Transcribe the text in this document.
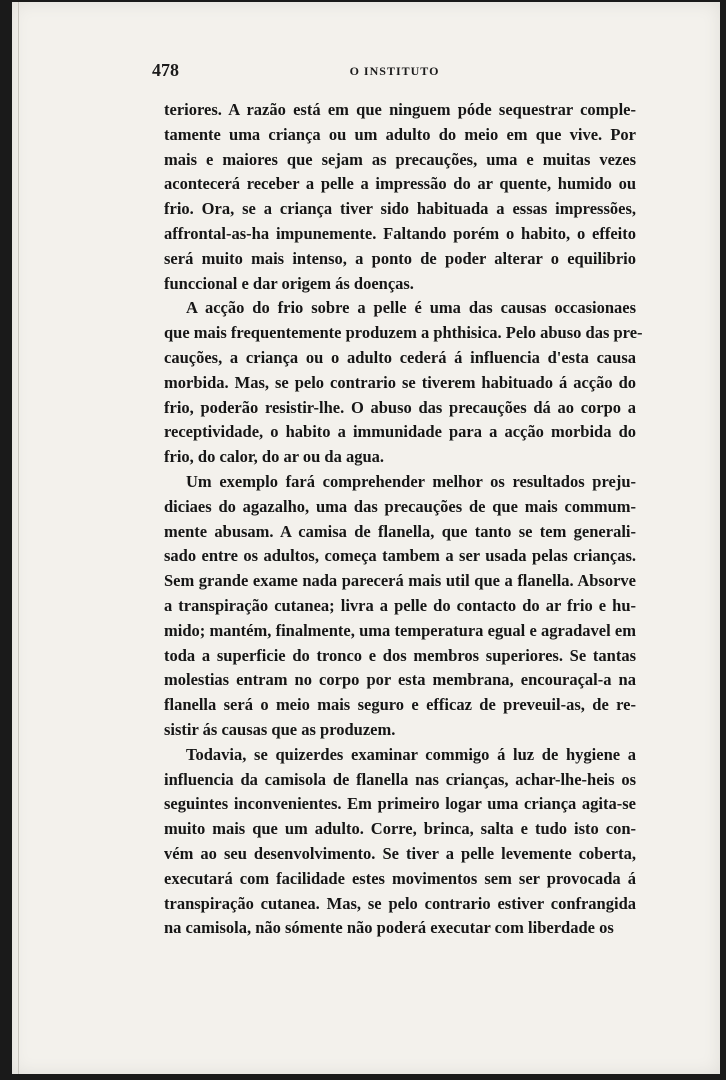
478	O INSTITUTO
teriores. A razão está em que ninguem póde sequestrar comple-
tamente uma criança ou um adulto do meio em que vive. Por
mais e maiores que sejam as precauções, uma e muitas vezes
acontecerá receber a pelle a impressão do ar quente, humido ou
frio. Ora, se a criança tiver sido habituada a essas impressões,
affrontal-as-ha impunemente. Faltando porém o habito, o effeito
será muito mais intenso, a ponto de poder alterar o equilibrio
funccional e dar origem ás doenças.
A acção do frio sobre a pelle é uma das causas occasionaes
que mais frequentemente produzem a phthisica. Pelo abuso das pre-
cauções, a criança ou o adulto cederá á influencia d'esta causa
morbida. Mas, se pelo contrario se tiverem habituado á acção do
frio, poderão resistir-lhe. O abuso das precauções dá ao corpo a
receptividade, o habito a immunidade para a acção morbida do
frio, do calor, do ar ou da agua.
Um exemplo fará comprehender melhor os resultados preju-
diciaes do agazalho, uma das precauções de que mais commum-
mente abusam. A camisa de flanella, que tanto se tem generali-
sado entre os adultos, começa tambem a ser usada pelas crianças.
Sem grande exame nada parecerá mais util que a flanella. Absorve
a transpiração cutanea; livra a pelle do contacto do ar frio e hu-
mido; mantém, finalmente, uma temperatura egual e agradavel em
toda a superficie do tronco e dos membros superiores. Se tantas
molestias entram no corpo por esta membrana, encouraçal-a na
flanella será o meio mais seguro e efficaz de preveuil-as, de re-
sistir ás causas que as produzem.
Todavia, se quizerdes examinar commigo á luz de hygiene a
influencia da camisola de flanella nas crianças, achar-lhe-heis os
seguintes inconvenientes. Em primeiro logar uma criança agita-se
muito mais que um adulto. Corre, brinca, salta e tudo isto con-
vém ao seu desenvolvimento. Se tiver a pelle levemente coberta,
executará com facilidade estes movimentos sem ser provocada á
transpiração cutanea. Mas, se pelo contrario estiver confrangida
na camisola, não sómente não poderá executar com liberdade os
